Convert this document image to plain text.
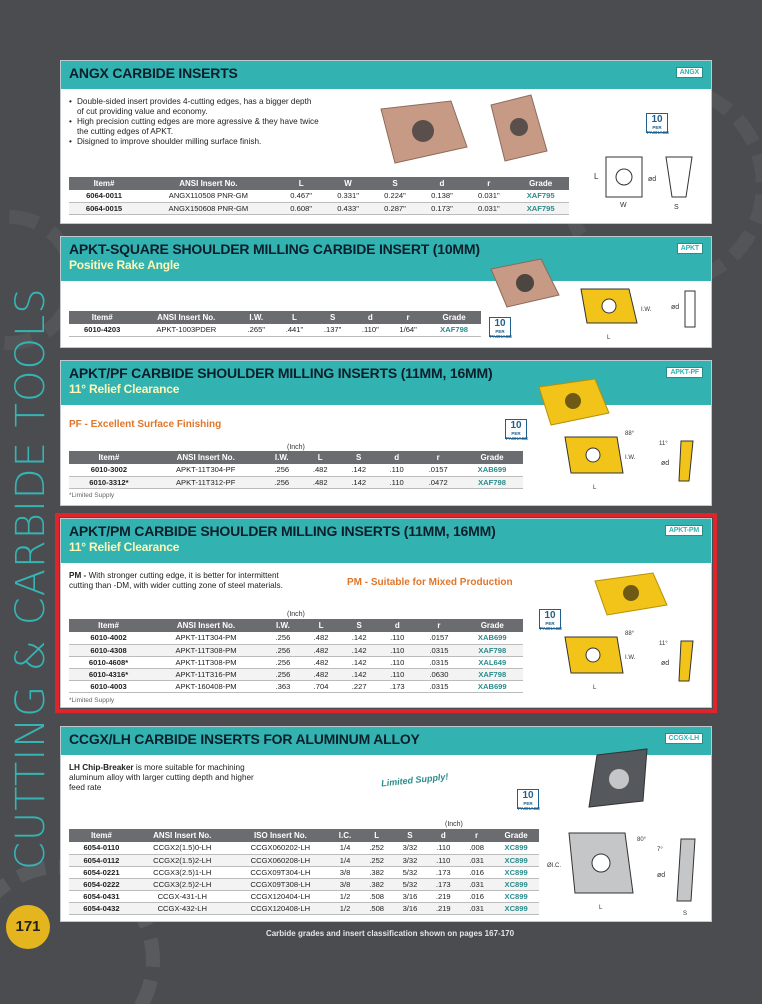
CUTTING & CARBIDE TOOLS
171	Carbide grades and insert classification shown on pages 167-170
ANGX CARBIDE INSERTS	ANGX
• Double-sided insert provides 4-cutting edges, has a bigger depth of cut providing value and economy.
• High precision cutting edges are more agressive & they have twice the cutting edges of APKT.
• Disigned to improve shoulder milling surface finish.
10
PER
PACKAGE
L
W	S
ød
Item#	ANSI Insert No.	L	W	S	d	r	Grade
6064-0011	ANGX110508 PNR-GM	0.467"	0.331"	0.224"	0.138"	0.031"	XAF795
6064-0015	ANGX150608 PNR-GM	0.608"	0.433"	0.287"	0.173"	0.031"	XAF795
APKT-SQUARE SHOULDER MILLING CARBIDE INSERT (10MM)
Positive Rake Angle
APKT
I.W.	ød
L
10
PER
PACKAGE
Item#	ANSI Insert No.	I.W.	L	S	d	r	Grade
6010-4203	APKT-1003PDER	.265"	.441"	.137"	.110"	1/64"	XAF798
APKT/PF CARBIDE SHOULDER MILLING INSERTS (11MM, 16MM)
11° Relief Clearance
APKT-PF
PF - Excellent Surface Finishing	10
PER
PACKAGE
I.W.
88°
11°
ød
L
(Inch)
Item#	ANSI Insert No.	I.W.	L	S	d	r	Grade
6010-3002	APKT-11T304-PF	.256	.482	.142	.110	.0157	XAB699
6010-3312*	APKT-11T312-PF	.256	.482	.142	.110	.0472	XAF798
*Limited Supply
APKT/PM CARBIDE SHOULDER MILLING INSERTS (11MM, 16MM)
11° Relief Clearance
APKT-PM
PM - With stronger cutting edge, it is better for intermittent cutting than -DM, with wider cutting zone of steel materials.	PM - Suitable for Mixed Production
10
PER
PACKAGE
I.W.
88°
11°
ød
L
(Inch)
Item#	ANSI Insert No.	I.W.	L	S	d	r	Grade
6010-4002	APKT-11T304-PM	.256	.482	.142	.110	.0157	XAB699
6010-4308	APKT-11T308-PM	.256	.482	.142	.110	.0315	XAF798
6010-4608*	APKT-11T308-PM	.256	.482	.142	.110	.0315	XAL649
6010-4316*	APKT-11T316-PM	.256	.482	.142	.110	.0630	XAF798
6010-4003	APKT-160408-PM	.363	.704	.227	.173	.0315	XAB699
*Limited Supply
CCGX/LH CARBIDE INSERTS FOR ALUMINUM ALLOY	CCGX-LH
LH Chip-Breaker is more suitable for machining aluminum alloy with larger cutting depth and higher feed rate	Limited Supply!
10
PER
PACKAGE
ØI.C.
80°
L
7°
ød
S
(Inch)
Item#	ANSI Insert No.	ISO Insert No.	I.C.	L	S	d	r	Grade
6054-0110	CCGX2(1.5)0-LH	CCGX060202-LH	1/4	.252	3/32	.110	.008	XC899
6054-0112	CCGX2(1.5)2-LH	CCGX060208-LH	1/4	.252	3/32	.110	.031	XC899
6054-0221	CCGX3(2.5)1-LH	CCGX09T304-LH	3/8	.382	5/32	.173	.016	XC899
6054-0222	CCGX3(2.5)2-LH	CCGX09T308-LH	3/8	.382	5/32	.173	.031	XC899
6054-0431	CCGX-431-LH	CCGX120404-LH	1/2	.508	3/16	.219	.016	XC899
6054-0432	CCGX-432-LH	CCGX120408-LH	1/2	.508	3/16	.219	.031	XC899
